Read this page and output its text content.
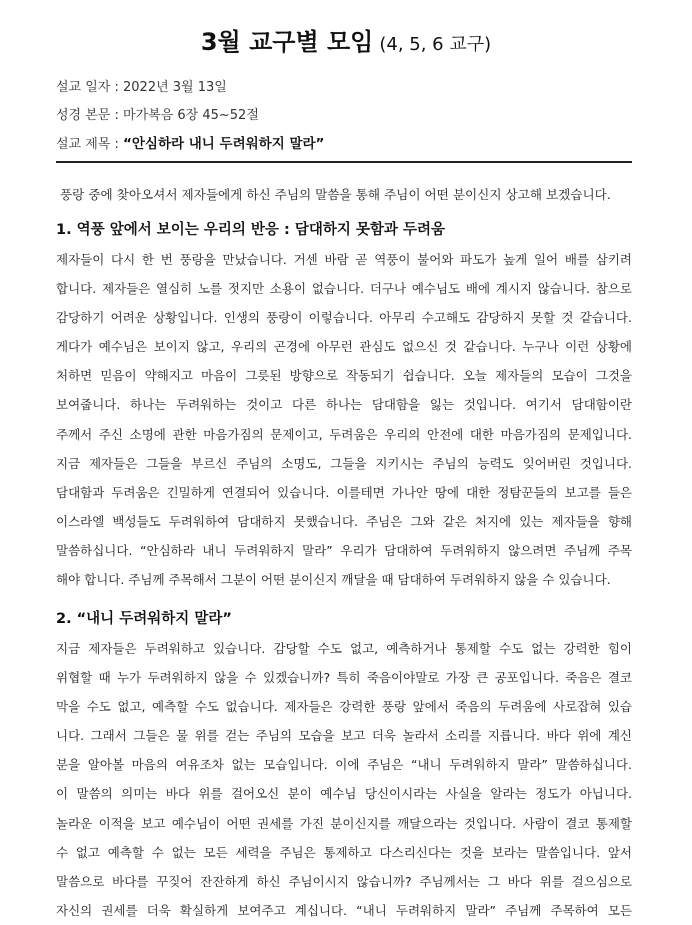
3월 교구별 모임 (4, 5, 6 교구)
설교 일자 : 2022년 3월 13일
성경 본문 : 마가복음 6장 45~52절
설교 제목 : “안심하라 내니 두려워하지 말라”
풍랑 중에 찾아오셔서 제자들에게 하신 주님의 말씀을 통해 주님이 어떤 분이신지 상고해 보겠습니다.
1. 역풍 앞에서 보이는 우리의 반응 : 담대하지 못함과 두려움
제자들이 다시 한 번 풍랑을 만났습니다. 거센 바람 곧 역풍이 불어와 파도가 높게 일어 배를 삼키려
합니다. 제자들은 열심히 노를 젓지만 소용이 없습니다. 더구나 예수님도 배에 계시지 않습니다. 참으로
감당하기 어려운 상황입니다. 인생의 풍랑이 이렇습니다. 아무리 수고해도 감당하지 못할 것 같습니다.
게다가 예수님은 보이지 않고, 우리의 곤경에 아무런 관심도 없으신 것 같습니다. 누구나 이런 상황에
처하면 믿음이 약해지고 마음이 그릇된 방향으로 작동되기 쉽습니다. 오늘 제자들의 모습이 그것을
보여줍니다. 하나는 두려워하는 것이고 다른 하나는 담대함을 잃는 것입니다. 여기서 담대함이란
주께서 주신 소명에 관한 마음가짐의 문제이고, 두려움은 우리의 안전에 대한 마음가짐의 문제입니다.
지금 제자들은 그들을 부르신 주님의 소명도, 그들을 지키시는 주님의 능력도 잊어버린 것입니다.
담대함과 두려움은 긴밀하게 연결되어 있습니다. 이를테면 가나안 땅에 대한 정탐꾼들의 보고를 들은
이스라엘 백성들도 두려워하여 담대하지 못했습니다. 주님은 그와 같은 처지에 있는 제자들을 향해
말씀하십니다. “안심하라 내니 두려워하지 말라” 우리가 담대하여 두려워하지 않으려면 주님께 주목
해야 합니다. 주님께 주목해서 그분이 어떤 분이신지 깨달을 때 담대하여 두려워하지 않을 수 있습니다.
2. “내니 두려워하지 말라”
지금 제자들은 두려워하고 있습니다. 감당할 수도 없고, 예측하거나 통제할 수도 없는 강력한 힘이
위협할 때 누가 두려워하지 않을 수 있겠습니까? 특히 죽음이야말로 가장 큰 공포입니다. 죽음은 결코
막을 수도 없고, 예측할 수도 없습니다. 제자들은 강력한 풍랑 앞에서 죽음의 두려움에 사로잡혀 있습
니다. 그래서 그들은 물 위를 걷는 주님의 모습을 보고 더욱 놀라서 소리를 지릅니다. 바다 위에 계신
분을 알아볼 마음의 여유조차 없는 모습입니다. 이에 주님은 “내니 두려워하지 말라” 말씀하십니다.
이 말씀의 의미는 바다 위를 걸어오신 분이 예수님 당신이시라는 사실을 알라는 정도가 아닙니다.
놀라운 이적을 보고 예수님이 어떤 권세를 가진 분이신지를 깨달으라는 것입니다. 사람이 결코 통제할
수 없고 예측할 수 없는 모든 세력을 주님은 통제하고 다스리신다는 것을 보라는 말씀입니다. 앞서
말씀으로 바다를 꾸짖어 잔잔하게 하신 주님이시지 않습니까? 주님께서는 그 바다 위를 걸으심으로
자신의 권세를 더욱 확실하게 보여주고 계십니다. “내니 두려워하지 말라” 주님께 주목하여 모든
